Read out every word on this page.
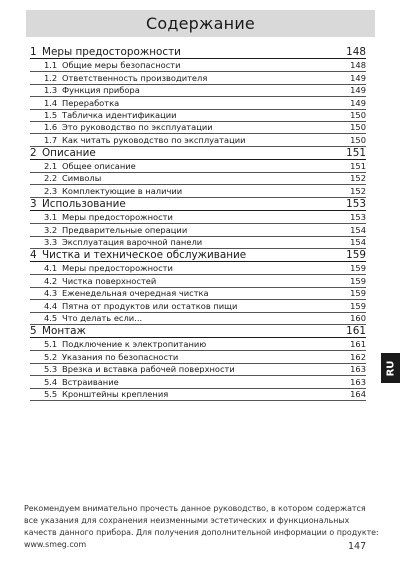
Содержание
1 Меры предосторожности	148
1.1 Общие меры безопасности	148
1.2 Ответственность производителя	149
1.3 Функция прибора	149
1.4 Переработка	149
1.5 Табличка идентификации	150
1.6 Это руководство по эксплуатации	150
1.7 Как читать руководство по эксплуатации	150
2 Описание	151
2.1 Общее описание	151
2.2 Символы	152
2.3 Комплектующие в наличии	152
3 Использование	153
3.1 Меры предосторожности	153
3.2 Предварительные операции	154
3.3 Эксплуатация варочной панели	154
4 Чистка и техническое обслуживание	159
4.1 Меры предосторожности	159
4.2 Чистка поверхностей	159
4.3 Еженедельная очередная чистка	159
4.4 Пятна от продуктов или остатков пищи	159
4.5 Что делать если...	160
5 Монтаж	161
5.1 Подключение к электропитанию	161
5.2 Указания по безопасности	162
5.3 Врезка и вставка рабочей поверхности	163
5.4 Встраивание	163
5.5 Кронштейны крепления	164
RU
Рекомендуем внимательно прочесть данное руководство, в котором содержатся все указания для сохранения неизменными эстетических и функциональных качеств данного прибора. Для получения дополнительной информации о продукте: www.smeg.com	147
